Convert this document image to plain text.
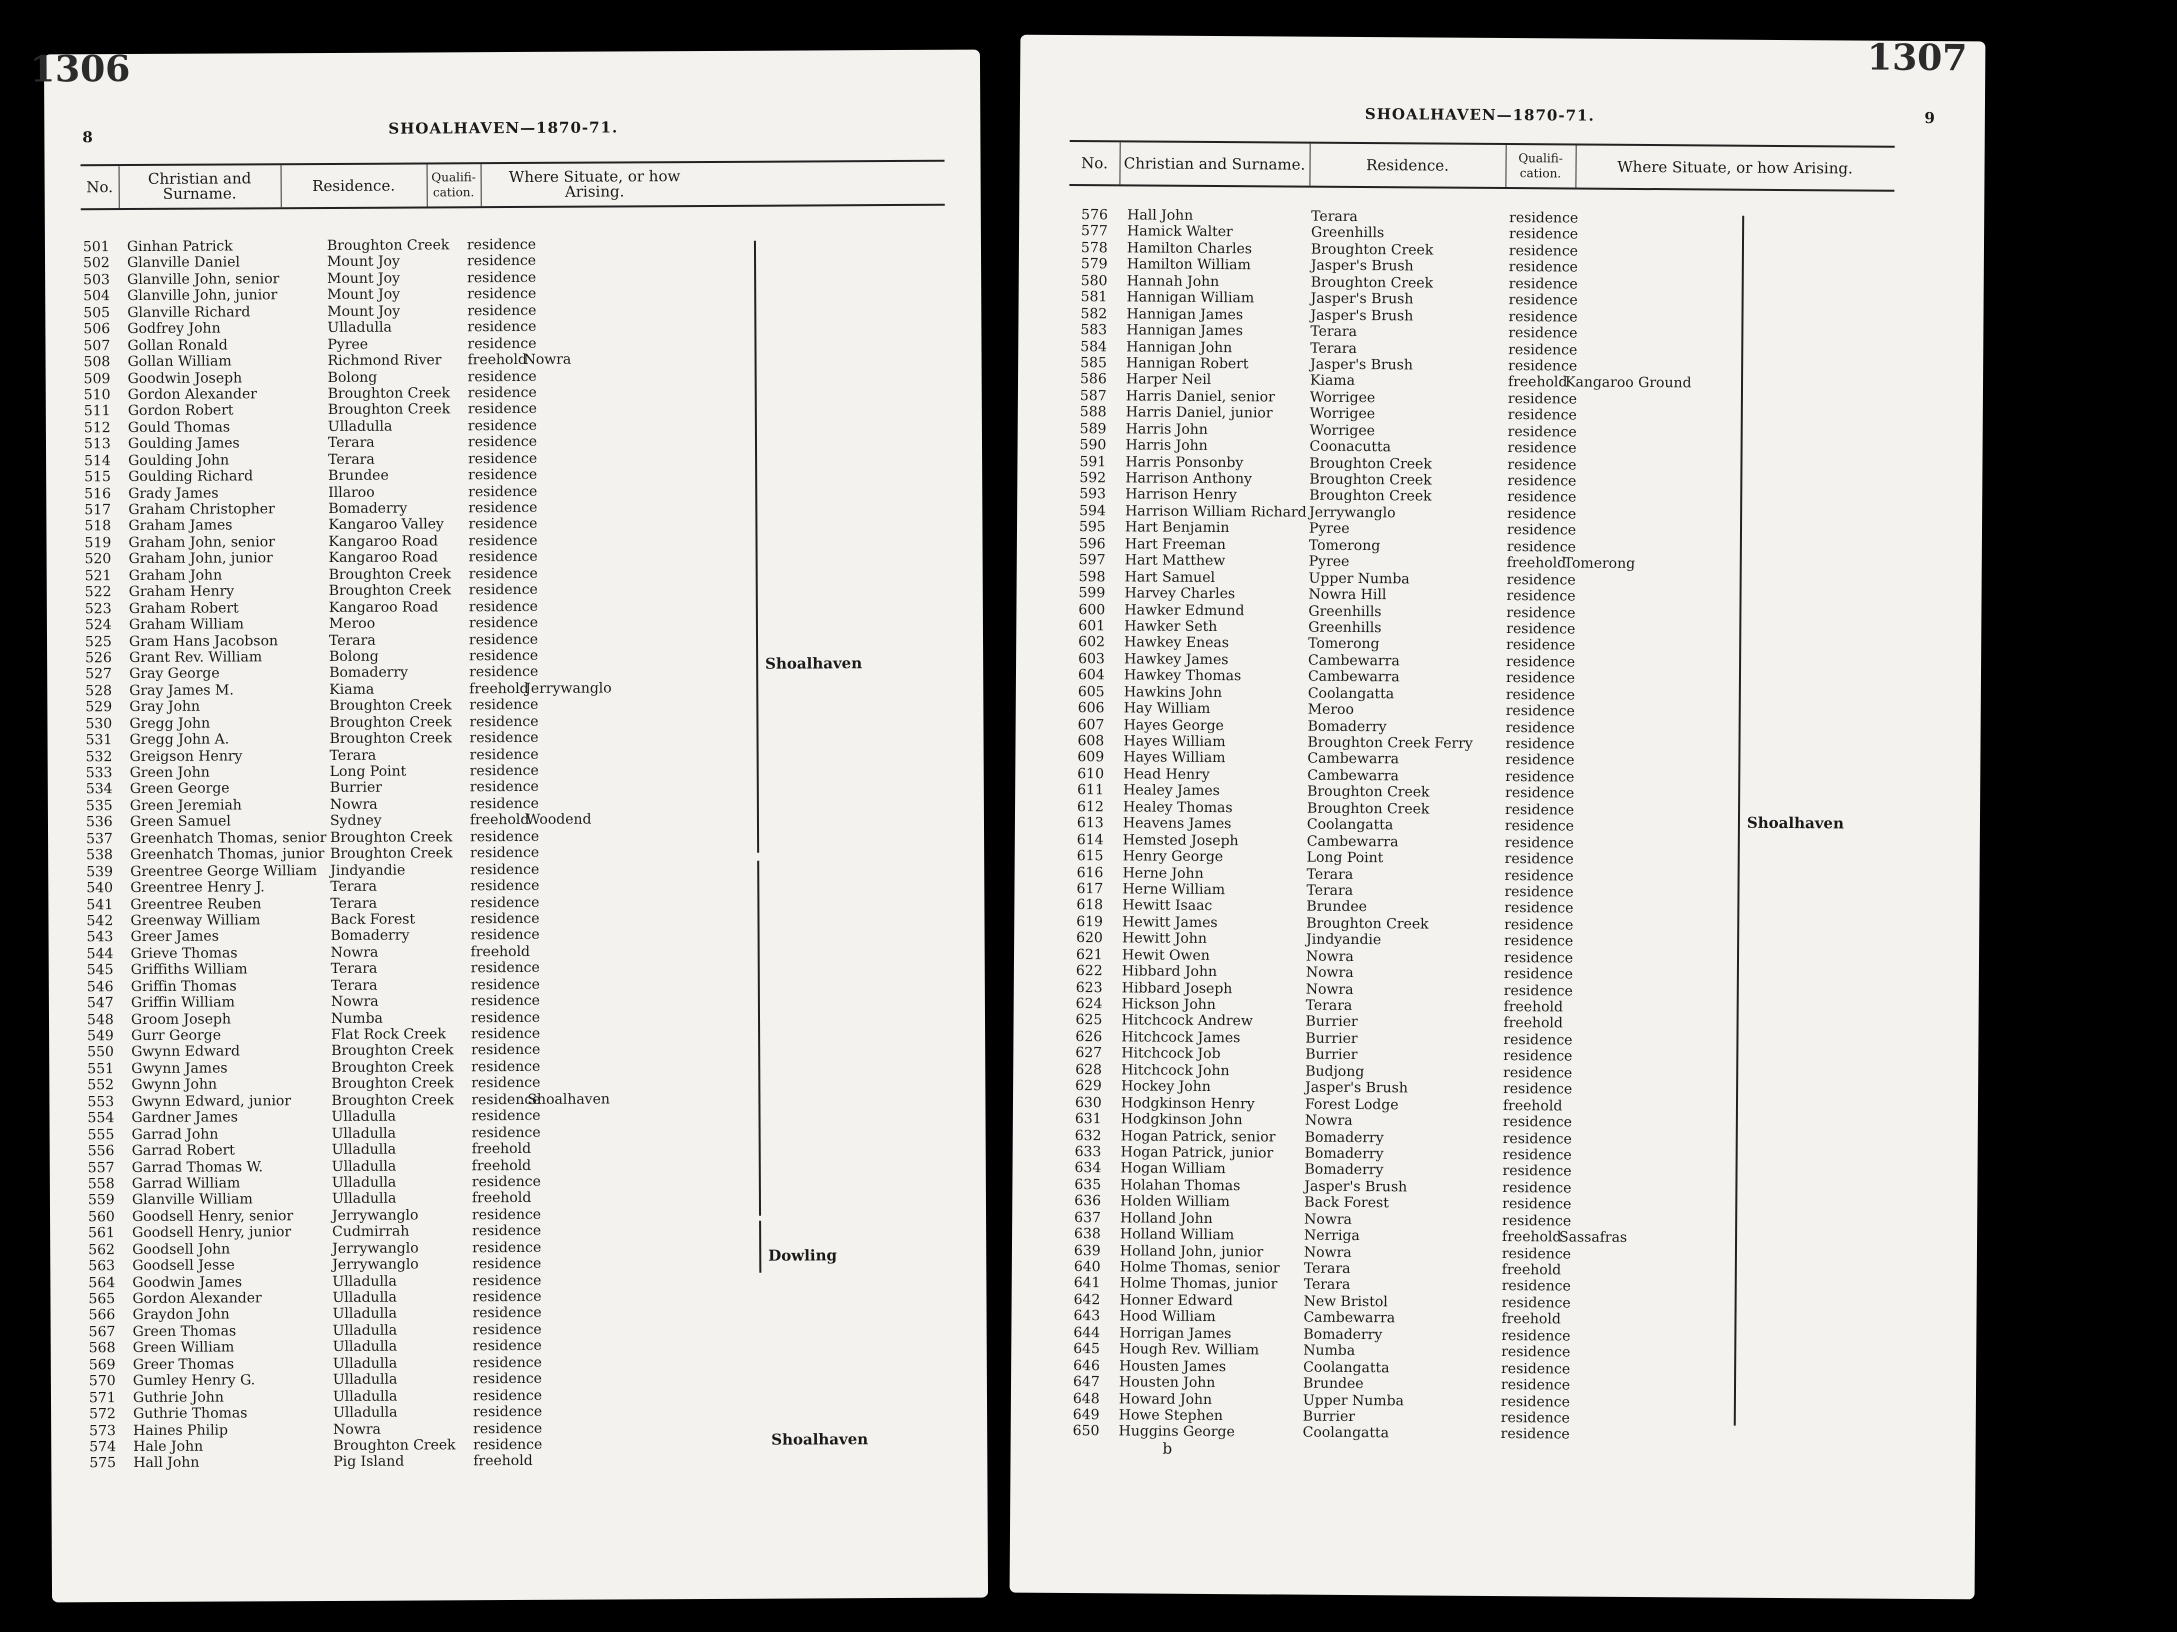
1306
8	SHOALHAVEN—1870-71.
No.	Christian and Surname.	Residence.	Qualifi-cation.
Where Situate, or how Arising.
501 Ginhan Patrick	Broughton Creek residence
502 Glanville Daniel	Mount Joy	residence
503 Glanville John, senior	Mount Joy	residence
504 Glanville John, junior	Mount Joy	residence
505 Glanville Richard	Mount Joy	residence
506 Godfrey John	Ulladulla	residence
507 Gollan Ronald	Pyree	residence
508 Gollan William	Richmond River freehold
Nowra
509 Goodwin Joseph	Bolong	residence
510 Gordon Alexander	Broughton Creek residence
511 Gordon Robert	Broughton Creek residence
512 Gould Thomas	Ulladulla	residence
513 Goulding James	Terara	residence
514 Goulding John	Terara	residence
515 Goulding Richard	Brundee	residence
516 Grady James	Illaroo	residence
517 Graham Christopher	Bomaderry	residence
518 Graham James	Kangaroo Valley residence
519 Graham John, senior	Kangaroo Road residence
520 Graham John, junior	Kangaroo Road residence
521 Graham John	Broughton Creek residence
522 Graham Henry	Broughton Creek residence
523 Graham Robert	Kangaroo Road residence
524 Graham William	Meroo	residence
525 Gram Hans Jacobson	Terara	residence
526 Grant Rev. William	Bolong	residence
527 Gray George	Bomaderry	residence
528 Gray James M.	Kiama	freehold
Jerrywanglo
529 Gray John	Broughton Creek residence
530 Gregg John	Broughton Creek residence
531 Gregg John A.	Broughton Creek residence
532 Greigson Henry	Terara	residence
533 Green John	Long Point	residence
534 Green George	Burrier	residence
535 Green Jeremiah	Nowra	residence
536 Green Samuel	Sydney	freehold
Woodend
537 Greenhatch Thomas, senior Broughton Creek residence
538 Greenhatch Thomas, junior Broughton Creek residence
539 Greentree George William Jindyandie	residence
540 Greentree Henry J.	Terara	residence
541 Greentree Reuben	Terara	residence
542 Greenway William	Back Forest	residence
543 Greer James	Bomaderry	residence
544 Grieve Thomas	Nowra	freehold
545 Griffiths William	Terara	residence
546 Griffin Thomas	Terara	residence
547 Griffin William	Nowra	residence
548 Groom Joseph	Numba	residence
549 Gurr George	Flat Rock Creek residence
550 Gwynn Edward	Broughton Creek residence
551 Gwynn James	Broughton Creek residence
552 Gwynn John	Broughton Creek residence
553 Gwynn Edward, junior	Broughton Creek residence
Shoalhaven
554 Gardner James	Ulladulla	residence
555 Garrad John	Ulladulla	residence
556 Garrad Robert	Ulladulla	freehold
557 Garrad Thomas W.	Ulladulla	freehold
558 Garrad William	Ulladulla	residence
559 Glanville William	Ulladulla	freehold
560 Goodsell Henry, senior	Jerrywanglo	residence
561 Goodsell Henry, junior	Cudmirrah	residence
562 Goodsell John	Jerrywanglo	residence
563 Goodsell Jesse	Jerrywanglo	residence
564 Goodwin James	Ulladulla	residence
565 Gordon Alexander	Ulladulla	residence
566 Graydon John	Ulladulla	residence
567 Green Thomas	Ulladulla	residence
568 Green William	Ulladulla	residence
569 Greer Thomas	Ulladulla	residence
570 Gumley Henry G.	Ulladulla	residence
571 Guthrie John	Ulladulla	residence
572 Guthrie Thomas	Ulladulla	residence
573 Haines Philip	Nowra	residence
574 Hale John	Broughton Creek residence
575 Hall John	Pig Island	freehold
Shoalhaven
Dowling
Shoalhaven
1307
9
SHOALHAVEN—1870-71.
No.	Christian and Surname.	Residence.	Qualifi-cation.	Where Situate, or how Arising.
576 Hall John	Terara	residence
577 Hamick Walter	Greenhills	residence
578 Hamilton Charles	Broughton Creek	residence
579 Hamilton William	Jasper's Brush	residence
580 Hannah John	Broughton Creek	residence
581 Hannigan William	Jasper's Brush	residence
582 Hannigan James	Jasper's Brush	residence
583 Hannigan James	Terara	residence
584 Hannigan John	Terara	residence
585 Hannigan Robert	Jasper's Brush	residence
586 Harper Neil	Kiama	freehold
Kangaroo Ground
587 Harris Daniel, senior	Worrigee	residence
588 Harris Daniel, junior	Worrigee	residence
589 Harris John	Worrigee	residence
590 Harris John	Coonacutta	residence
591 Harris Ponsonby	Broughton Creek	residence
592 Harrison Anthony	Broughton Creek	residence
593 Harrison Henry	Broughton Creek	residence
594 Harrison William Richard Jerrywanglo	residence
595 Hart Benjamin	Pyree	residence
596 Hart Freeman	Tomerong	residence
597 Hart Matthew	Pyree	freehold
Tomerong
598 Hart Samuel	Upper Numba	residence
599 Harvey Charles	Nowra Hill	residence
600 Hawker Edmund	Greenhills	residence
601 Hawker Seth	Greenhills	residence
602 Hawkey Eneas	Tomerong	residence
603 Hawkey James	Cambewarra	residence
604 Hawkey Thomas	Cambewarra	residence
605 Hawkins John	Coolangatta	residence
606 Hay William	Meroo	residence
607 Hayes George	Bomaderry	residence
608 Hayes William	Broughton Creek Ferry residence
609 Hayes William	Cambewarra	residence
610 Head Henry	Cambewarra	residence
611 Healey James	Broughton Creek	residence
612 Healey Thomas	Broughton Creek	residence
613 Heavens James	Coolangatta	residence
614 Hemsted Joseph	Cambewarra	residence
615 Henry George	Long Point	residence
616 Herne John	Terara	residence
617 Herne William	Terara	residence
618 Hewitt Isaac	Brundee	residence
619 Hewitt James	Broughton Creek	residence
620 Hewitt John	Jindyandie	residence
621 Hewit Owen	Nowra	residence
622 Hibbard John	Nowra	residence
623 Hibbard Joseph	Nowra	residence
624 Hickson John	Terara	freehold
625 Hitchcock Andrew	Burrier	freehold
626 Hitchcock James	Burrier	residence
627 Hitchcock Job	Burrier	residence
628 Hitchcock John	Budjong	residence
629 Hockey John	Jasper's Brush	residence
630 Hodgkinson Henry	Forest Lodge	freehold
631 Hodgkinson John	Nowra	residence
632 Hogan Patrick, senior Bomaderry	residence
633 Hogan Patrick, junior Bomaderry	residence
634 Hogan William	Bomaderry	residence
635 Holahan Thomas	Jasper's Brush	residence
636 Holden William	Back Forest	residence
637 Holland John	Nowra	residence
638 Holland William	Nerriga	freehold
Sassafras
639 Holland John, junior	Nowra	residence
640 Holme Thomas, senior Terara	freehold
641 Holme Thomas, junior Terara	residence
642 Honner Edward	New Bristol	residence
643 Hood William	Cambewarra	freehold
644 Horrigan James	Bomaderry	residence
645 Hough Rev. William	Numba	residence
646 Housten James	Coolangatta	residence
647 Housten John	Brundee	residence
648 Howard John	Upper Numba	residence
649 Howe Stephen	Burrier	residence
650 Huggins George	Coolangatta	residence
Shoalhaven
b
